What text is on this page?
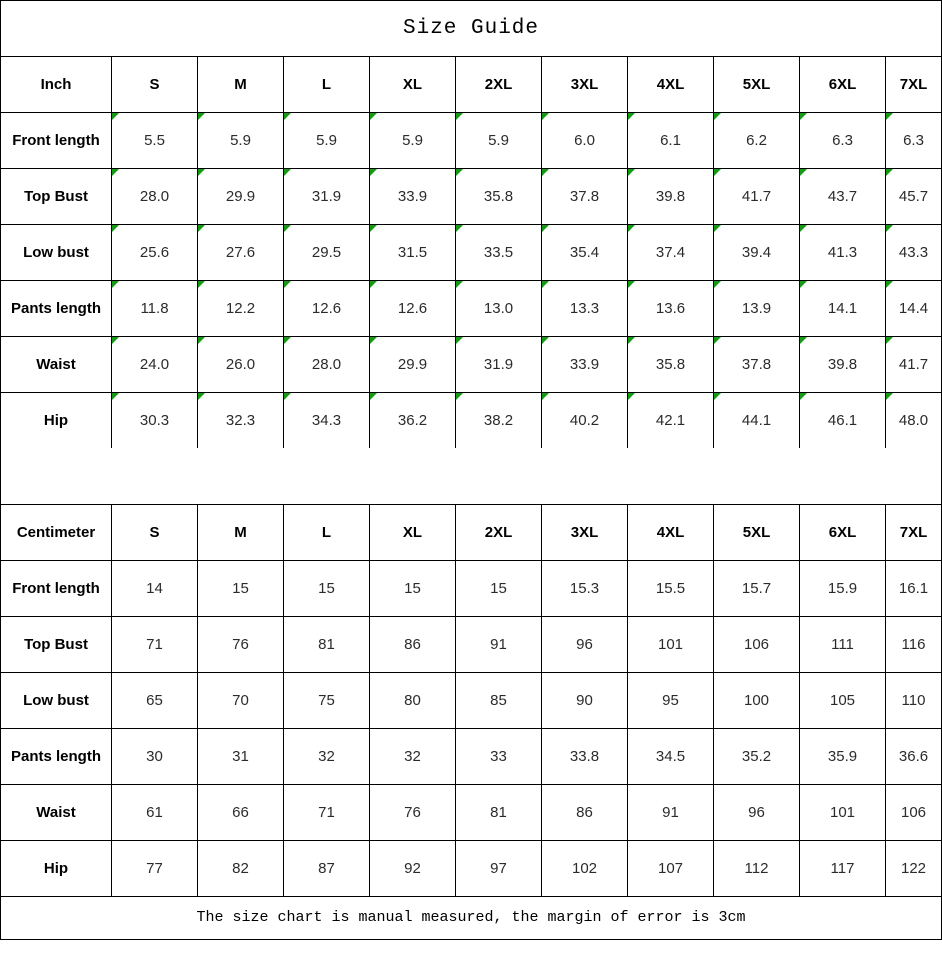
Size Guide
Inch	S	M	L	XL	2XL	3XL	4XL	5XL	6XL	7XL
Front length	5.5	5.9	5.9	5.9	5.9	6.0	6.1	6.2	6.3	6.3

Top Bust	28.0	29.9	31.9	33.9	35.8	37.8	39.8	41.7	43.7	45.7

Low bust	25.6	27.6	29.5	31.5	33.5	35.4	37.4	39.4	41.3	43.3

Pants length	11.8	12.2	12.6	12.6	13.0	13.3	13.6	13.9	14.1	14.4

Waist	24.0	26.0	28.0	29.9	31.9	33.9	35.8	37.8	39.8	41.7

Hip	30.3	32.3	34.3	36.2	38.2	40.2	42.1	44.1	46.1	48.0
Centimeter	S	M	L	XL	2XL	3XL	4XL	5XL	6XL	7XL
Front length	14	15	15	15	15	15.3	15.5	15.7	15.9	16.1
Top Bust	71	76	81	86	91	96	101	106	111	116
Low bust	65	70	75	80	85	90	95	100	105	110
Pants length	30	31	32	32	33	33.8	34.5	35.2	35.9	36.6
Waist	61	66	71	76	81	86	91	96	101	106
Hip	77	82	87	92	97	102	107	112	117	122
The size chart is manual measured, the margin of error is 3cm
